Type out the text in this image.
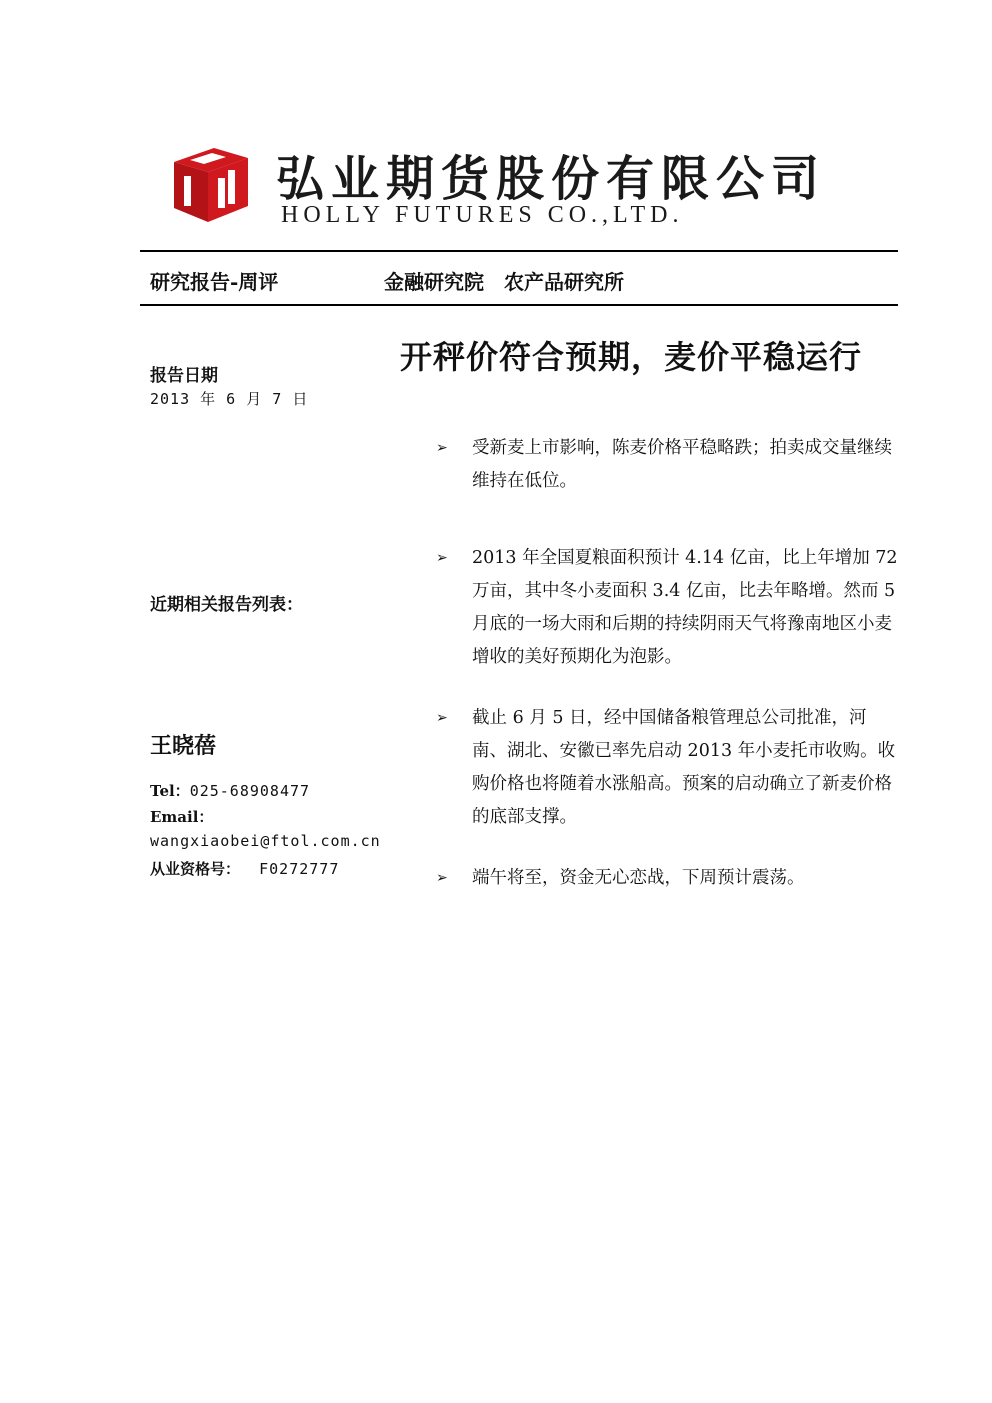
弘业期货股份有限公司
HOLLY FUTURES CO.,LTD.
研究报告-周评	金融研究院　农产品研究所
开秤价符合预期，麦价平稳运行
报告日期
2013 年 6 月 7 日
近期相关报告列表：
王晓蓓
Tel：025-68908477
Email：
wangxiaobei@ftol.com.cn
从业资格号： F0272777
➢ 受新麦上市影响，陈麦价格平稳略跌；拍卖成交量继续维持在低位。
➢ 2013 年全国夏粮面积预计 4.14 亿亩，比上年增加 72 万亩，其中冬小麦面积 3.4 亿亩，比去年略增。然而 5 月底的一场大雨和后期的持续阴雨天气将豫南地区小麦增收的美好预期化为泡影。
➢ 截止 6 月 5 日，经中国储备粮管理总公司批准，河南、湖北、安徽已率先启动 2013 年小麦托市收购。收购价格也将随着水涨船高。预案的启动确立了新麦价格的底部支撑。
➢ 端午将至，资金无心恋战，下周预计震荡。
